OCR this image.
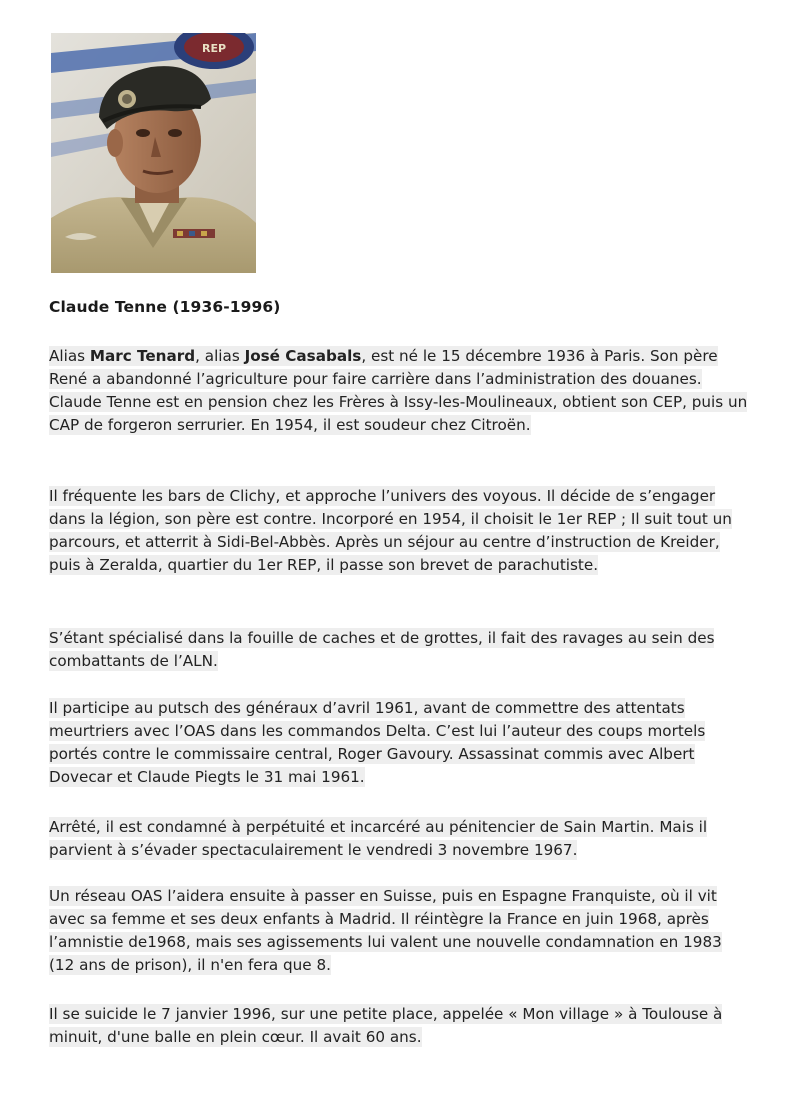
REP
Claude Tenne (1936-1996)

Alias Marc Tenard, alias José Casabals, est né le 15 décembre 1936 à Paris. Son père René a abandonné l’agriculture pour faire carrière dans l’administration des douanes. Claude Tenne est en pension chez les Frères à Issy-les-Moulineaux, obtient son CEP, puis un CAP de forgeron serrurier. En 1954, il est soudeur chez Citroën.

Il fréquente les bars de Clichy, et approche l’univers des voyous. Il décide de s’engager dans la légion, son père est contre. Incorporé en 1954, il choisit le 1er REP ; Il suit tout un parcours, et atterrit à Sidi-Bel-Abbès. Après un séjour au centre d’instruction de Kreider, puis à Zeralda, quartier du 1er REP, il passe son brevet de parachutiste.

S’étant spécialisé dans la fouille de caches et de grottes, il fait des ravages au sein des combattants de l’ALN.

Il participe au putsch des généraux d’avril 1961, avant de commettre des attentats meurtriers avec l’OAS dans les commandos Delta. C’est lui l’auteur des coups mortels portés contre le commissaire central, Roger Gavoury. Assassinat commis avec Albert Dovecar et Claude Piegts le 31 mai 1961.

Arrêté, il est condamné à perpétuité et incarcéré au pénitencier de Sain Martin. Mais il parvient à s’évader spectaculairement le vendredi 3 novembre 1967.

Un réseau OAS l’aidera ensuite à passer en Suisse, puis en Espagne Franquiste, où il vit avec sa femme et ses deux enfants à Madrid. Il réintègre la France en juin 1968, après l’amnistie de1968, mais ses agissements lui valent une nouvelle condamnation en 1983 (12 ans de prison), il n'en fera que 8.

Il se suicide le 7 janvier 1996, sur une petite place, appelée « Mon village » à Toulouse à minuit, d'une balle en plein cœur. Il avait 60 ans.
